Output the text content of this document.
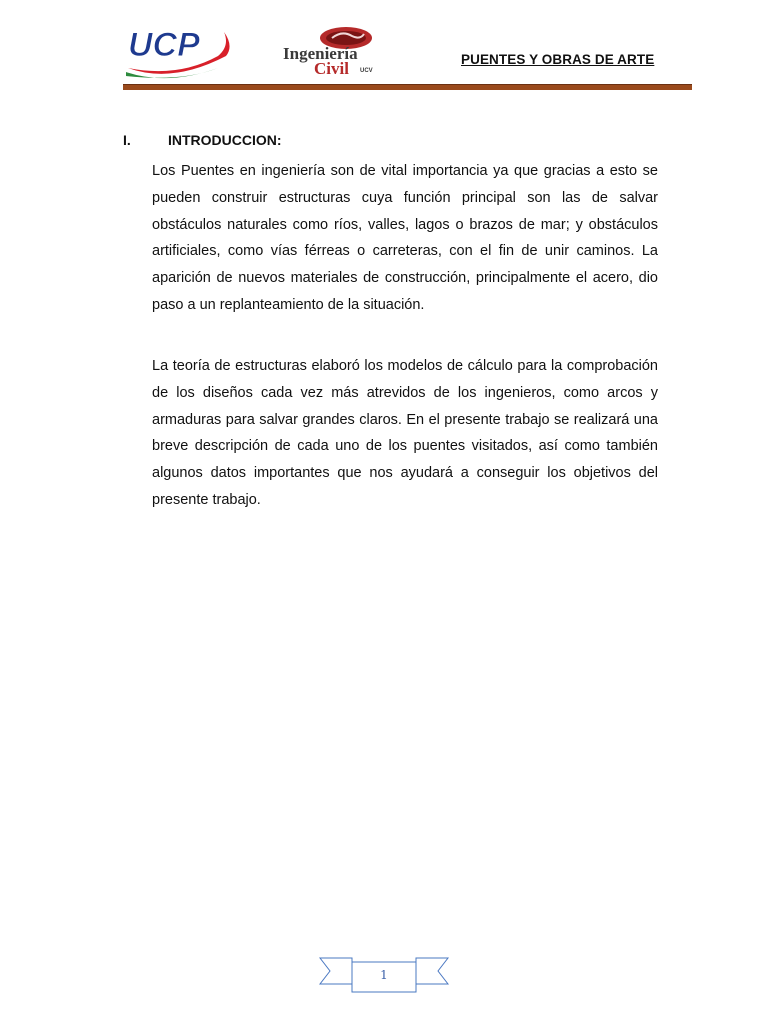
UCP	Ingeniería
Civil UCV
PUENTES Y OBRAS DE ARTE
I.	INTRODUCCION:

Los Puentes en ingeniería son de vital importancia ya que gracias a esto se pueden construir estructuras cuya función principal son las de salvar obstáculos naturales como ríos, valles, lagos o brazos de mar; y obstáculos artificiales, como vías férreas o carreteras, con el fin de unir caminos. La aparición de nuevos materiales de construcción, principalmente el acero, dio paso a un replanteamiento de la situación.

La teoría de estructuras elaboró los modelos de cálculo para la comprobación de los diseños cada vez más atrevidos de los ingenieros, como arcos y armaduras para salvar grandes claros. En el presente trabajo se realizará una breve descripción de cada uno de los puentes visitados, así como también algunos datos importantes que nos ayudará a conseguir los objetivos del presente trabajo.

1
